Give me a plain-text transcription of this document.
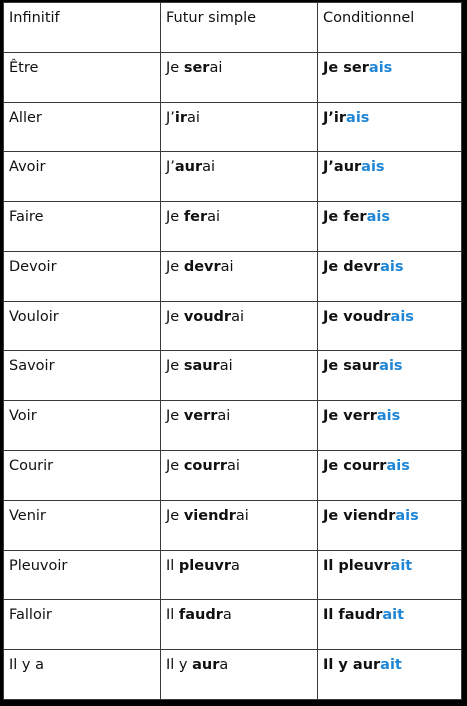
Infinitif	Futur simple	Conditionnel
Être	Je serai	Je serais
Aller	J’irai	J’irais
Avoir	J’aurai	J’aurais
Faire	Je ferai	Je ferais
Devoir	Je devrai	Je devrais
Vouloir	Je voudrai	Je voudrais
Savoir	Je saurai	Je saurais
Voir	Je verrai	Je verrais
Courir	Je courrai	Je courrais
Venir	Je viendrai	Je viendrais
Pleuvoir	Il pleuvra	Il pleuvrait
Falloir	Il faudra	Il faudrait
Il y a	Il y aura	Il y aurait
